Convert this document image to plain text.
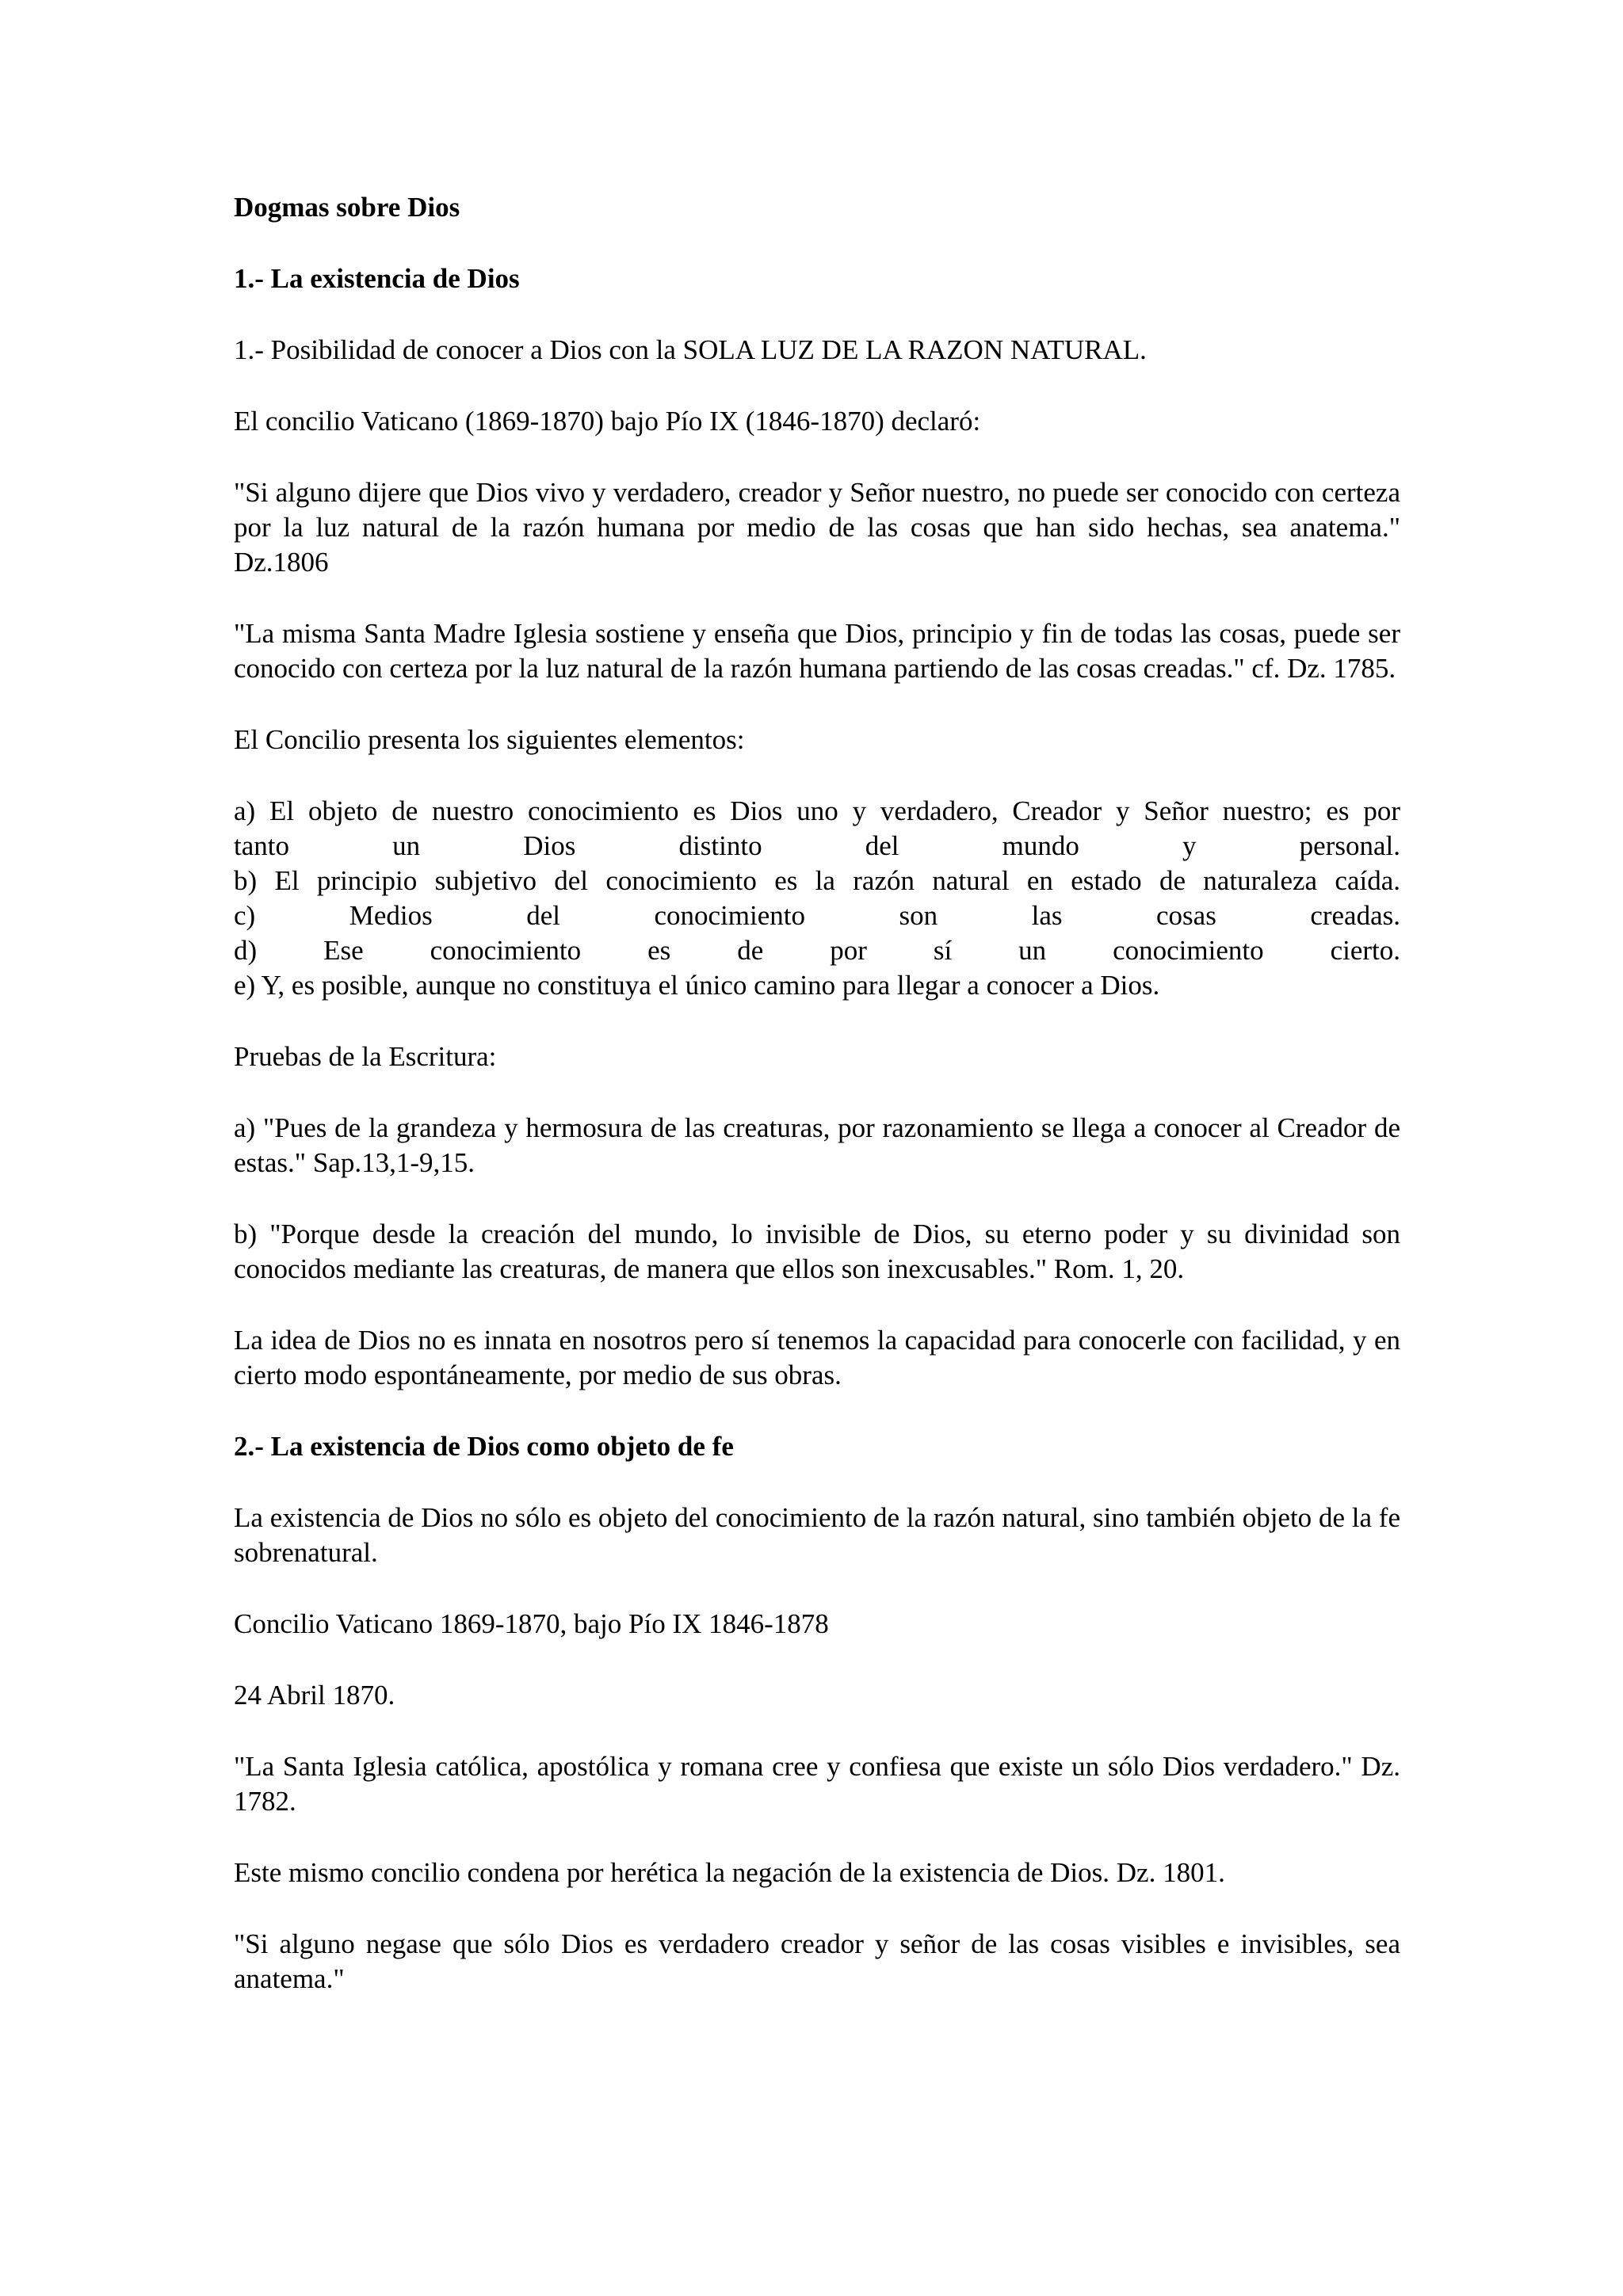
Dogmas sobre Dios

1.- La existencia de Dios

1.- Posibilidad de conocer a Dios con la SOLA LUZ DE LA RAZON NATURAL.

El concilio Vaticano (1869-1870) bajo Pío IX (1846-1870) declaró:

"Si alguno dijere que Dios vivo y verdadero, creador y Señor nuestro, no puede ser conocido con certeza por la luz natural de la razón humana por medio de las cosas que han sido hechas, sea anatema." Dz.1806

"La misma Santa Madre Iglesia sostiene y enseña que Dios, principio y fin de todas las cosas, puede ser conocido con certeza por la luz natural de la razón humana partiendo de las cosas creadas." cf. Dz. 1785.

El Concilio presenta los siguientes elementos:

a) El objeto de nuestro conocimiento es Dios uno y verdadero, Creador y Señor nuestro; es por
tanto un Dios distinto del mundo y personal.
b) El principio subjetivo del conocimiento es la razón natural en estado de naturaleza caída.
c) Medios del conocimiento son las cosas creadas.
d) Ese conocimiento es de por sí un conocimiento cierto.
e) Y, es posible, aunque no constituya el único camino para llegar a conocer a Dios.

Pruebas de la Escritura:

a) "Pues de la grandeza y hermosura de las creaturas, por razonamiento se llega a conocer al Creador de estas." Sap.13,1-9,15.

b) "Porque desde la creación del mundo, lo invisible de Dios, su eterno poder y su divinidad son conocidos mediante las creaturas, de manera que ellos son inexcusables." Rom. 1, 20.

La idea de Dios no es innata en nosotros pero sí tenemos la capacidad para conocerle con facilidad, y en cierto modo espontáneamente, por medio de sus obras.

2.- La existencia de Dios como objeto de fe

La existencia de Dios no sólo es objeto del conocimiento de la razón natural, sino también objeto de la fe sobrenatural.

Concilio Vaticano 1869-1870, bajo Pío IX 1846-1878

24 Abril 1870.

"La Santa Iglesia católica, apostólica y romana cree y confiesa que existe un sólo Dios verdadero." Dz. 1782.

Este mismo concilio condena por herética la negación de la existencia de Dios. Dz. 1801.

"Si alguno negase que sólo Dios es verdadero creador y señor de las cosas visibles e invisibles, sea anatema."
